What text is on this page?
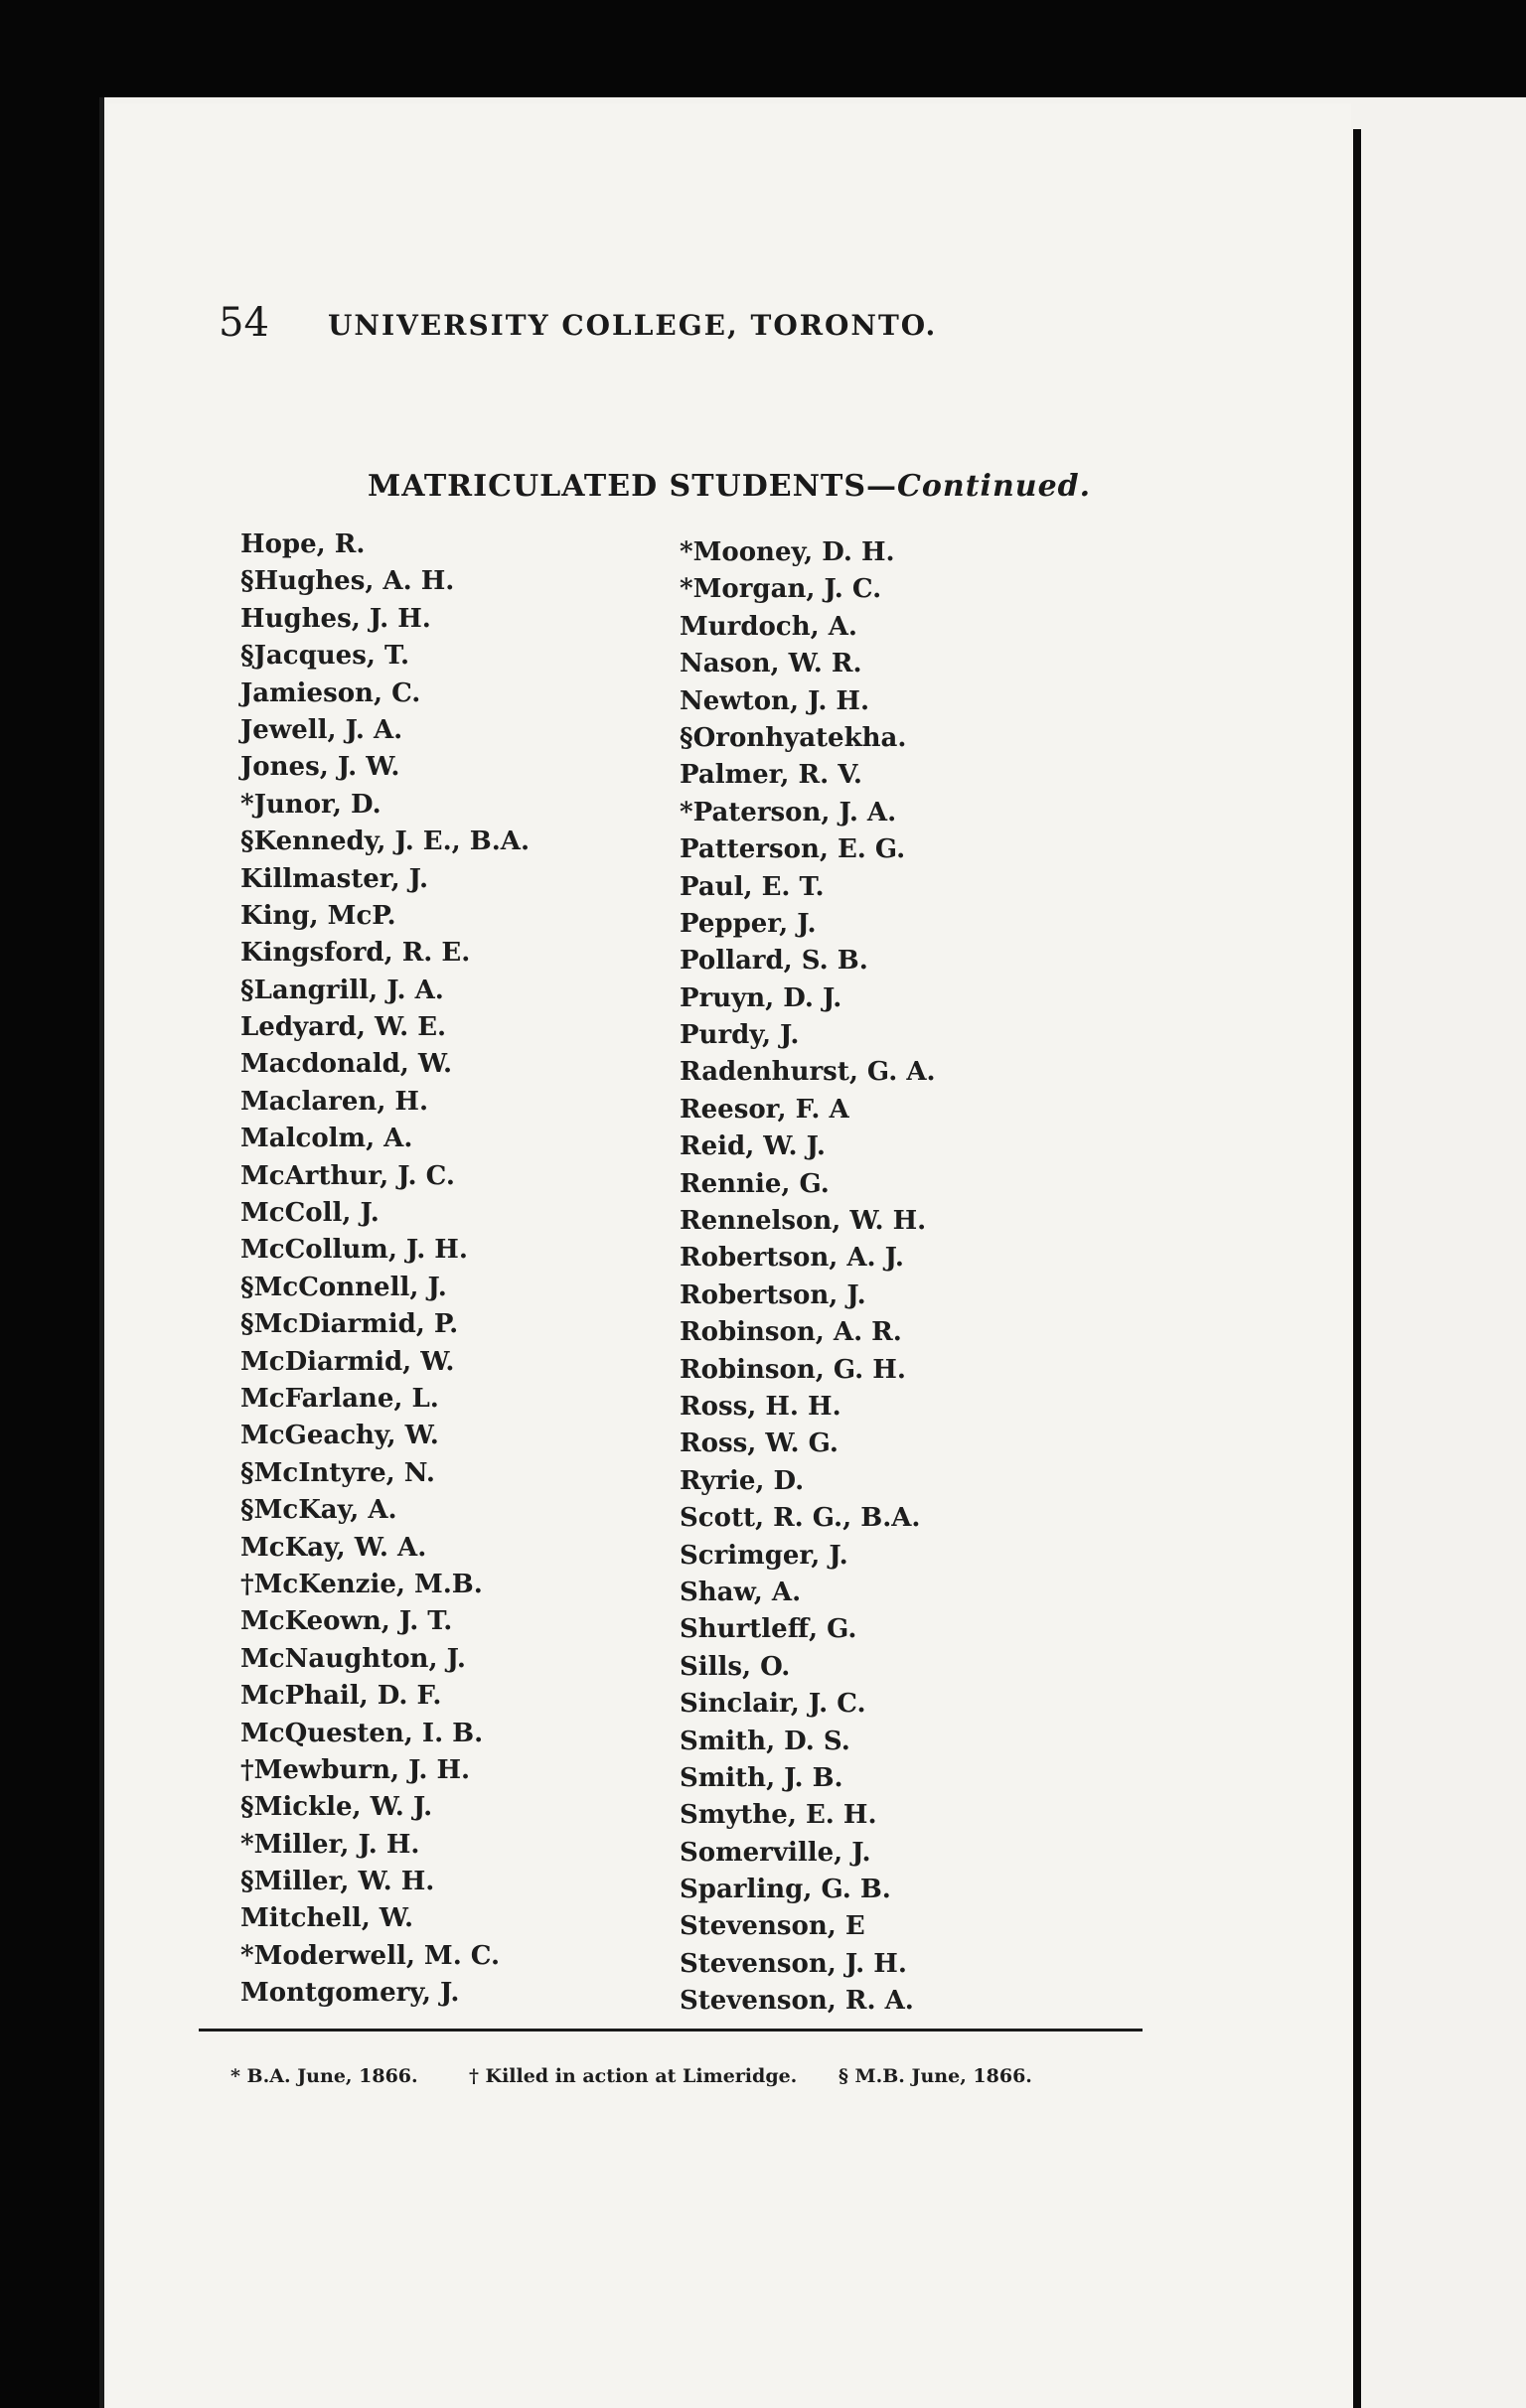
54 UNIVERSITY COLLEGE, TORONTO.
MATRICULATED STUDENTS—Continued.
Hope, R.
§Hughes, A. H.
Hughes, J. H.
§Jacques, T.
Jamieson, C.
Jewell, J. A.
Jones, J. W.
*Junor, D.
§Kennedy, J. E., B.A.
Killmaster, J.
King, McP.
Kingsford, R. E.
§Langrill, J. A.
Ledyard, W. E.
Macdonald, W.
Maclaren, H.
Malcolm, A.
McArthur, J. C.
McColl, J.
McCollum, J. H.
§McConnell, J.
§McDiarmid, P.
McDiarmid, W.
McFarlane, L.
McGeachy, W.
§McIntyre, N.
§McKay, A.
McKay, W. A.
†McKenzie, M.B.
McKeown, J. T.
McNaughton, J.
McPhail, D. F.
McQuesten, I. B.
†Mewburn, J. H.
§Mickle, W. J.
*Miller, J. H.
§Miller, W. H.
Mitchell, W.
*Moderwell, M. C.
Montgomery, J.
*Mooney, D. H.
*Morgan, J. C.
Murdoch, A.
Nason, W. R.
Newton, J. H.
§Oronhyatekha.
Palmer, R. V.
*Paterson, J. A.
Patterson, E. G.
Paul, E. T.
Pepper, J.
Pollard, S. B.
Pruyn, D. J.
Purdy, J.
Radenhurst, G. A.
Reesor, F. A
Reid, W. J.
Rennie, G.
Rennelson, W. H.
Robertson, A. J.
Robertson, J.
Robinson, A. R.
Robinson, G. H.
Ross, H. H.
Ross, W. G.
Ryrie, D.
Scott, R. G., B.A.
Scrimger, J.
Shaw, A.
Shurtleff, G.
Sills, O.
Sinclair, J. C.
Smith, D. S.
Smith, J. B.
Smythe, E. H.
Somerville, J.
Sparling, G. B.
Stevenson, E
Stevenson, J. H.
Stevenson, R. A.
* B.A. June, 1866.	† Killed in action at Limeridge. § M.B. June, 1866.
